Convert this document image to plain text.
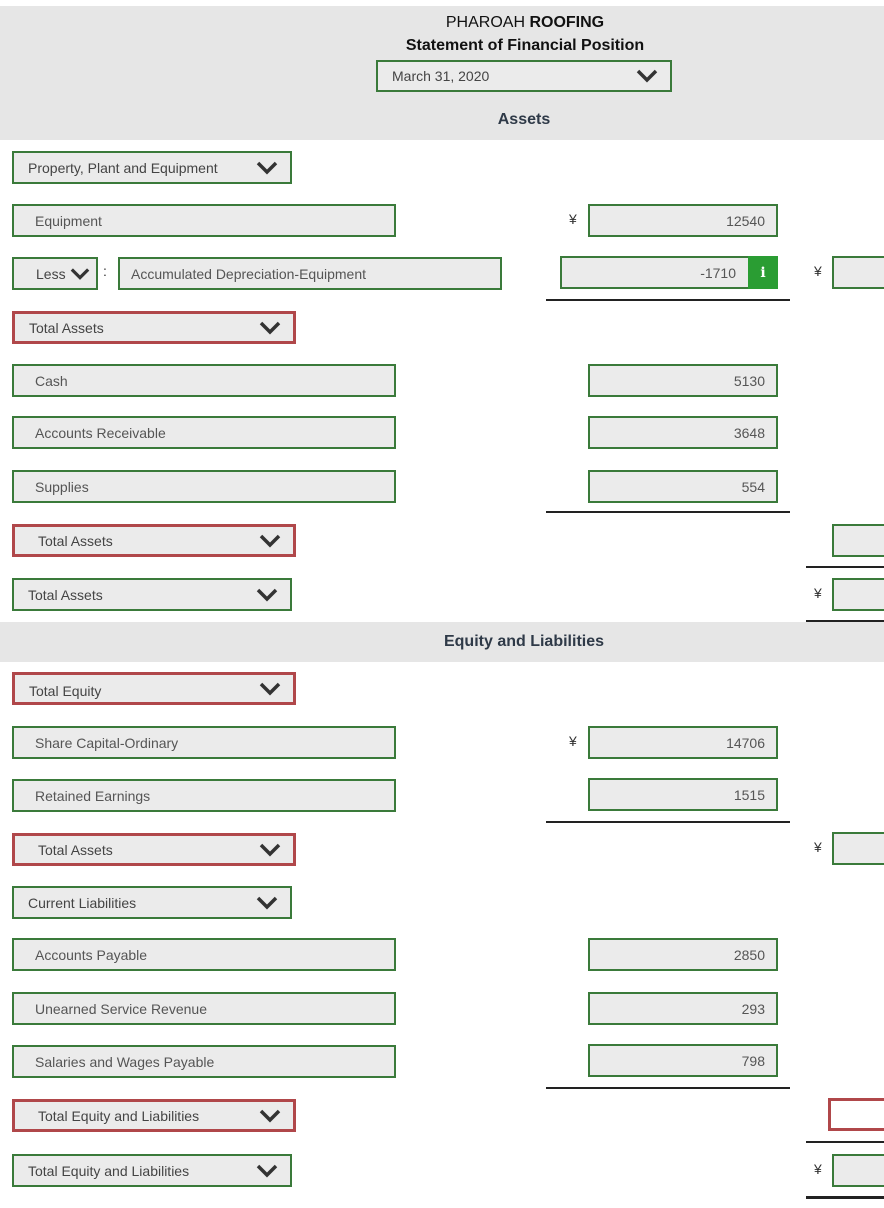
PHAROAH ROOFING
Statement of Financial Position
March 31, 2020
Assets
Property, Plant and Equipment
Equipment	¥	12540
Less	:	Accumulated Depreciation-Equipment	-1710	i	¥
Total Assets
Cash	5130
Accounts Receivable	3648
Supplies	554
Total Assets
Total Assets	¥
Equity and Liabilities
Total Equity
Share Capital-Ordinary	¥	14706
Retained Earnings	1515
Total Assets	¥
Current Liabilities
Accounts Payable	2850
Unearned Service Revenue	293
Salaries and Wages Payable	798
Total Equity and Liabilities
Total Equity and Liabilities	¥
